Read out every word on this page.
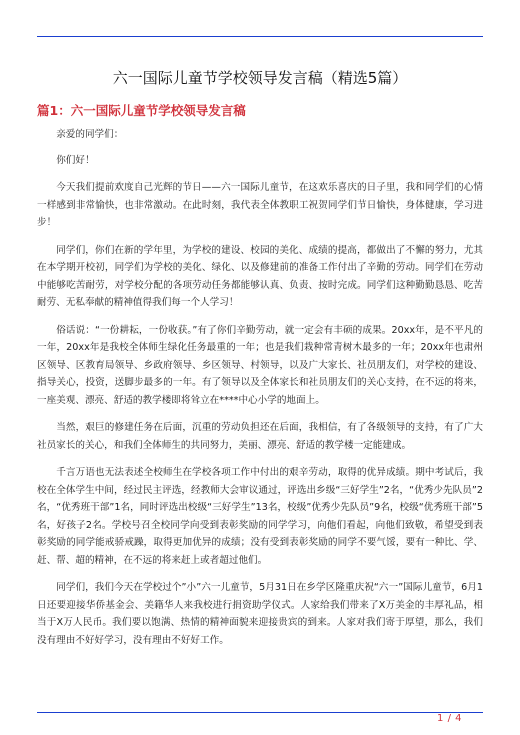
六一国际儿童节学校领导发言稿（精选5篇）
篇1：六一国际儿童节学校领导发言稿

亲爱的同学们：

你们好！

今天我们提前欢度自己光辉的节日——六一国际儿童节，在这欢乐喜庆的日子里，我和同学们的心情一样感到非常愉快，也非常激动。在此时刻，我代表全体教职工祝贺同学们节日愉快，身体健康，学习进步！

同学们，你们在新的学年里，为学校的建设、校园的美化、成绩的提高，都做出了不懈的努力，尤其在本学期开校初，同学们为学校的美化、绿化、以及修建前的准备工作付出了辛勤的劳动。同学们在劳动中能够吃苦耐劳，对学校分配的各项劳动任务都能够认真、负责、按时完成。同学们这种勤勤恳恳、吃苦耐劳、无私奉献的精神值得我们每一个人学习！

俗话说：“一份耕耘，一份收获。”有了你们辛勤劳动，就一定会有丰硕的成果。20xx年，是不平凡的一年，20xx年是我校全体师生绿化任务最重的一年；也是我们栽种常青树木最多的一年；20xx年也肃州区领导、区教育局领导、乡政府领导、乡区领导、村领导，以及广大家长、社员朋友们，对学校的建设、指导关心，投资，送脚步最多的一年。有了领导以及全体家长和社员朋友们的关心支持，在不远的将来，一座美观、漂亮、舒适的教学楼即将耸立在****中心小学的地面上。

当然，艰巨的修建任务在后面，沉重的劳动负担还在后面，我相信，有了各级领导的支持，有了广大社员家长的关心，和我们全体师生的共同努力，美丽、漂亮、舒适的教学楼一定能建成。

千言万语也无法表述全校师生在学校各项工作中付出的艰辛劳动，取得的优异成绩。期中考试后，我校在全体学生中间，经过民主评选，经教师大会审议通过，评选出乡级“三好学生”2名，“优秀少先队员”2名，“优秀班干部”1名，同时评选出校级“三好学生”13名，校级”优秀少先队员”9名，校级“优秀班干部”5名，好孩子2名。学校号召全校同学向受到表彰奖励的同学学习，向他们看起，向他们致敬，希望受到表彰奖励的同学能戒骄戒躁，取得更加优异的成绩；没有受到表彰奖励的同学不要气馁，要有一种比、学、赶、帮、超的精神，在不远的将来赶上或者超过他们。

同学们，我们今天在学校过个”小”六一儿童节，5月31日在乡学区隆重庆祝“六一”国际儿童节，6月1日还要迎接华侨基金会、美籍华人来我校进行捐资助学仪式。人家给我们带来了X万美金的丰厚礼品，相当于X万人民币。我们要以饱满、热情的精神面貌来迎接贵宾的到来。人家对我们寄于厚望，那么，我们没有理由不好好学习，没有理由不好好工作。

1 / 4
